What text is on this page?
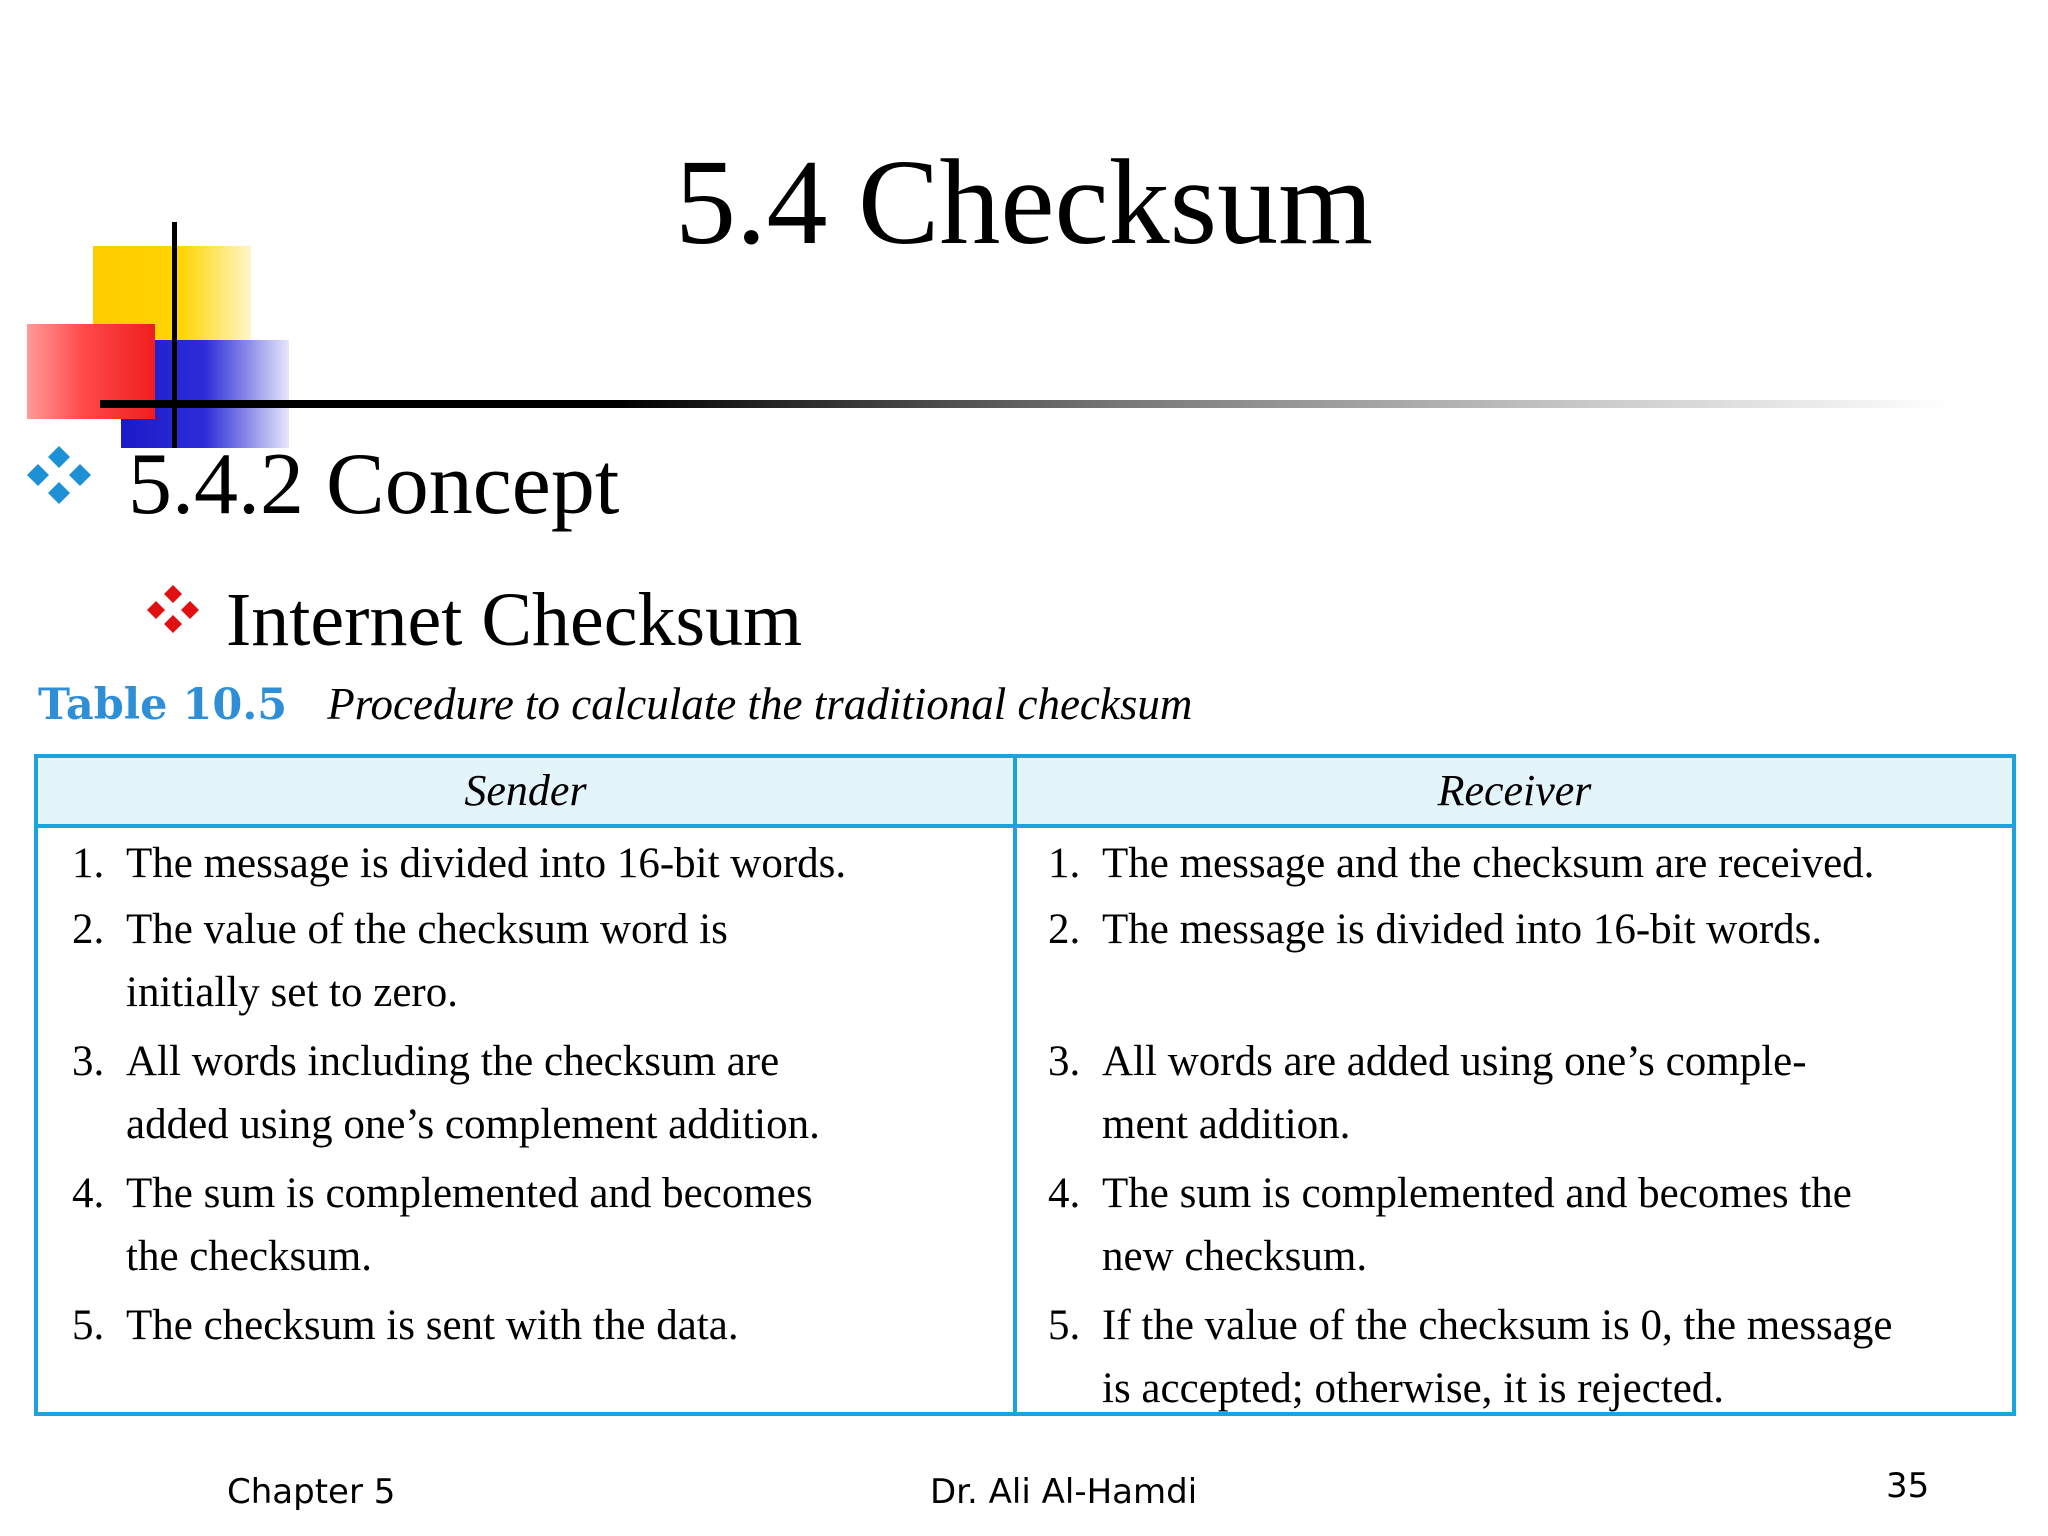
5.4 Checksum
5.4.2 Concept
Internet Checksum
Table 10.5 Procedure to calculate the traditional checksum
Sender	Receiver
1. The message is divided into 16-bit words.
2. The value of the checksum word is
initially set to zero.
3. All words including the checksum are
added using one’s complement addition.
4. The sum is complemented and becomes
the checksum.
5. The checksum is sent with the data.
1. The message and the checksum are received.
2. The message is divided into 16-bit words.
3. All words are added using one’s comple-
ment addition.
4. The sum is complemented and becomes the
new checksum.
5. If the value of the checksum is 0, the message
is accepted; otherwise, it is rejected.
Chapter 5	Dr. Ali Al-Hamdi	35
